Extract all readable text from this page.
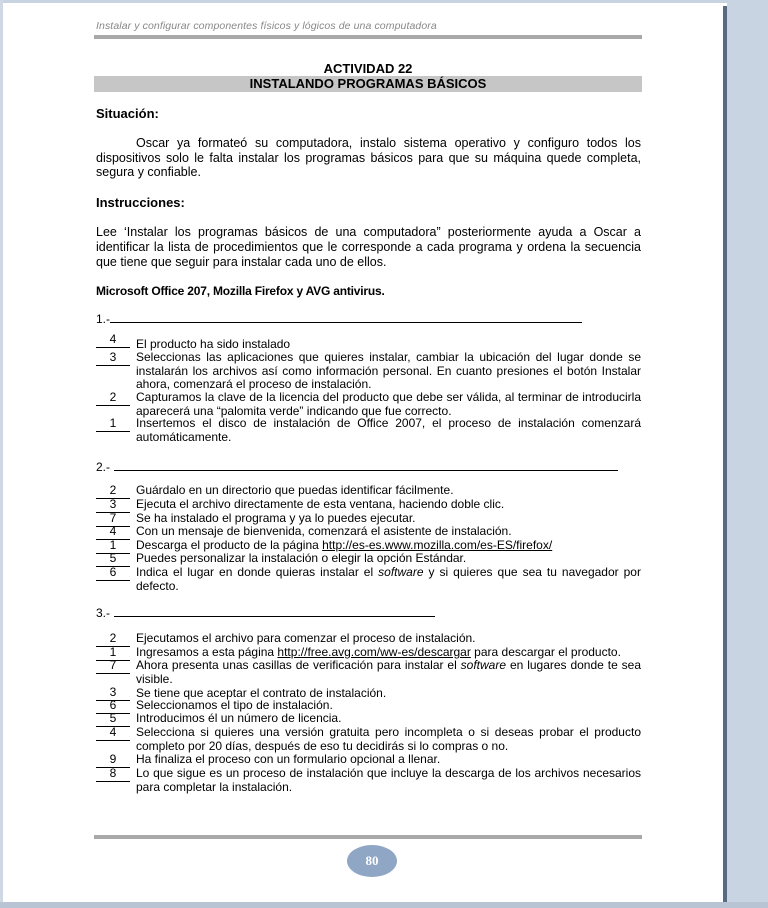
Instalar y configurar componentes físicos y lógicos de una computadora
ACTIVIDAD 22
INSTALANDO PROGRAMAS BÁSICOS
Situación:
Oscar ya formateó su computadora, instalo sistema operativo y configuro todos los dispositivos solo le falta instalar los programas básicos para que su máquina quede completa, segura y confiable.
Instrucciones:
Lee ‘Instalar los programas básicos de una computadora” posteriormente ayuda a Oscar a identificar la lista de procedimientos que le corresponde a cada programa y ordena la secuencia que tiene que seguir para instalar cada uno de ellos.
Microsoft Office 207, Mozilla Firefox y AVG antivirus.
1.-
4	El producto ha sido instalado
3	Seleccionas las aplicaciones que quieres instalar, cambiar la ubicación del lugar donde se instalarán los archivos así como información personal. En cuanto presiones el botón Instalar ahora, comenzará el proceso de instalación.
2	Capturamos la clave de la licencia del producto que debe ser válida, al terminar de introducirla aparecerá una “palomita verde” indicando que fue correcto.
1	Insertemos el disco de instalación de Office 2007, el proceso de instalación comenzará automáticamente.
2.-
2	Guárdalo en un directorio que puedas identificar fácilmente.
3	Ejecuta el archivo directamente de esta ventana, haciendo doble clic.
7	Se ha instalado el programa y ya lo puedes ejecutar.
4	Con un mensaje de bienvenida, comenzará el asistente de instalación.
1	Descarga el producto de la página http://es-es.www.mozilla.com/es-ES/firefox/
5	Puedes personalizar la instalación o elegir la opción Estándar.
6	Indica el lugar en donde quieras instalar el software y si quieres que sea tu navegador por defecto.
3.-
2	Ejecutamos el archivo para comenzar el proceso de instalación.
1	Ingresamos a esta página http://free.avg.com/ww-es/descargar para descargar el producto.
7	Ahora presenta unas casillas de verificación para instalar el software en lugares donde te sea visible.
3	Se tiene que aceptar el contrato de instalación.
6	Seleccionamos el tipo de instalación.
5	Introducimos él un número de licencia.
4	Selecciona si quieres una versión gratuita pero incompleta o si deseas probar el producto completo por 20 días, después de eso tu decidirás si lo compras o no.
9	Ha finaliza el proceso con un formulario opcional a llenar.
8	Lo que sigue es un proceso de instalación que incluye la descarga de los archivos necesarios para completar la instalación.
80
